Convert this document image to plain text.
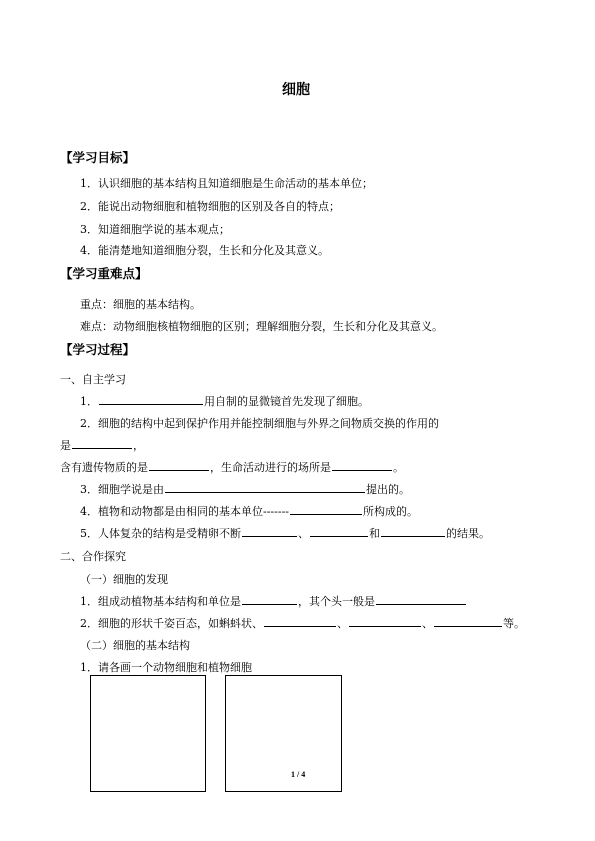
细胞
【学习目标】
1．认识细胞的基本结构且知道细胞是生命活动的基本单位；
2．能说出动物细胞和植物细胞的区别及各自的特点；
3．知道细胞学说的基本观点；
4．能清楚地知道细胞分裂，生长和分化及其意义。
【学习重难点】
重点：细胞的基本结构。
难点：动物细胞核植物细胞的区别；理解细胞分裂，生长和分化及其意义。
【学习过程】
一、自主学习
1．	用自制的显微镜首先发现了细胞。
2．细胞的结构中起到保护作用并能控制细胞与外界之间物质交换的作用的
是	，
含有遗传物质的是	，生命活动进行的场所是	。
3．细胞学说是由	提出的。
4．植物和动物都是由相同的基本单位-------	所构成的。
5．人体复杂的结构是受精卵不断	、	和	的结果。
二、合作探究
（一）细胞的发现
1．组成动植物基本结构和单位是	，其个头一般是
2．细胞的形状千姿百态，如蝌蚪状、	、	、	等。
（二）细胞的基本结构
1．请各画一个动物细胞和植物细胞
1 / 4
